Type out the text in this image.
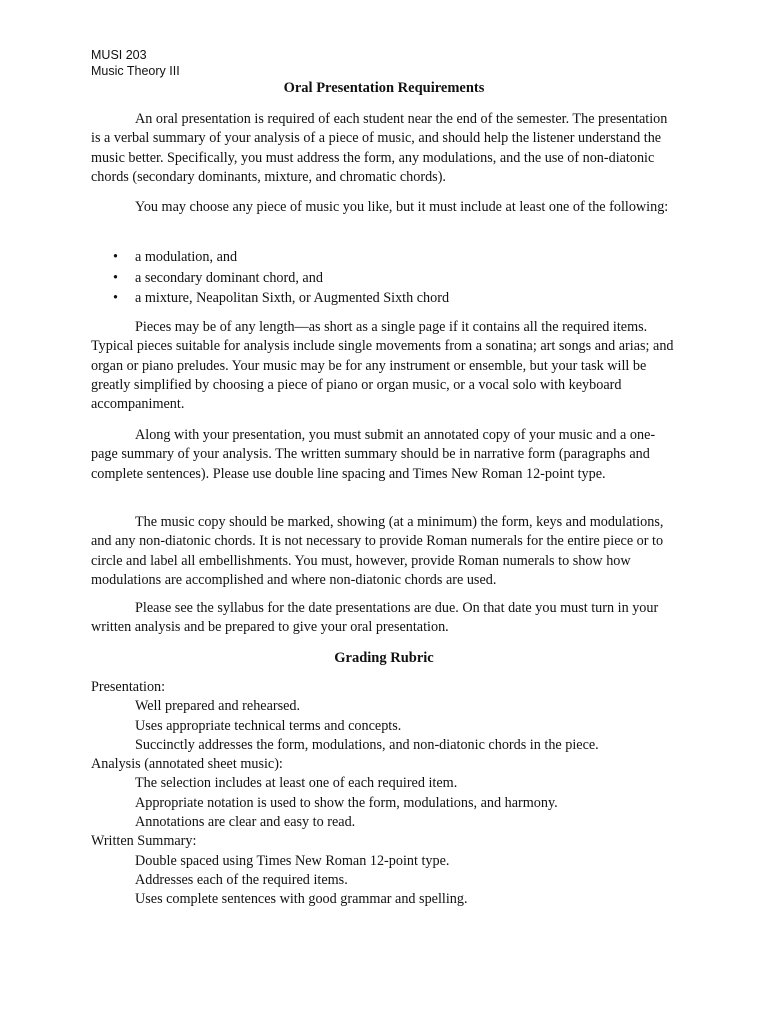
MUSI 203
Music Theory III
Oral Presentation Requirements

An oral presentation is required of each student near the end of the semester. The presentation is a verbal summary of your analysis of a piece of music, and should help the listener understand the music better. Specifically, you must address the form, any modulations, and the use of non-diatonic chords (secondary dominants, mixture, and chromatic chords).

You may choose any piece of music you like, but it must include at least one of the following:

• a modulation, and
• a secondary dominant chord, and
• a mixture, Neapolitan Sixth, or Augmented Sixth chord

Pieces may be of any length—as short as a single page if it contains all the required items. Typical pieces suitable for analysis include single movements from a sonatina; art songs and arias; and organ or piano preludes. Your music may be for any instrument or ensemble, but your task will be greatly simplified by choosing a piece of piano or organ music, or a vocal solo with keyboard accompaniment.

Along with your presentation, you must submit an annotated copy of your music and a one-page summary of your analysis. The written summary should be in narrative form (paragraphs and complete sentences). Please use double line spacing and Times New Roman 12-point type.

The music copy should be marked, showing (at a minimum) the form, keys and modulations, and any non-diatonic chords. It is not necessary to provide Roman numerals for the entire piece or to circle and label all embellishments. You must, however, provide Roman numerals to show how modulations are accomplished and where non-diatonic chords are used.

Please see the syllabus for the date presentations are due. On that date you must turn in your written analysis and be prepared to give your oral presentation.

Grading Rubric
Presentation:
Well prepared and rehearsed.
Uses appropriate technical terms and concepts.
Succinctly addresses the form, modulations, and non-diatonic chords in the piece.
Analysis (annotated sheet music):
The selection includes at least one of each required item.
Appropriate notation is used to show the form, modulations, and harmony.
Annotations are clear and easy to read.
Written Summary:
Double spaced using Times New Roman 12-point type.
Addresses each of the required items.
Uses complete sentences with good grammar and spelling.
